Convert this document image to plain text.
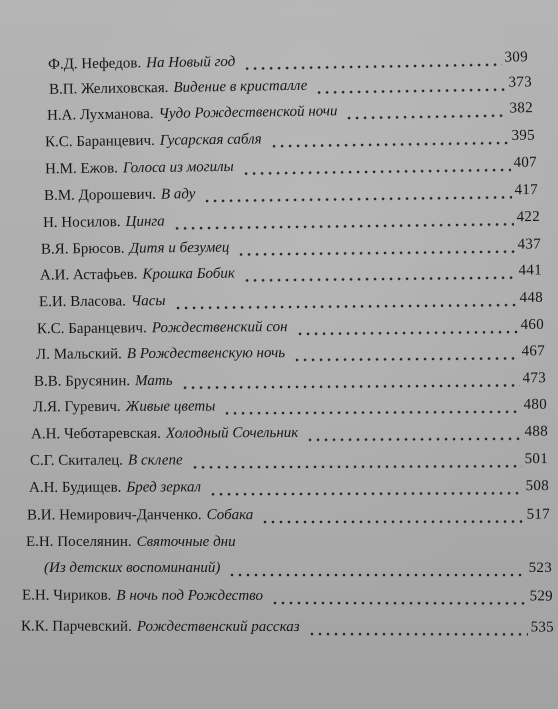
Ф.Д. Нефедов. На Новый год	309
В.П. Желиховская. Видение в кристалле	373
Н.А. Лухманова. Чудо Рождественской ночи	382
К.С. Баранцевич. Гусарская сабля	395
Н.М. Ежов. Голоса из могилы	407
В.М. Дорошевич. В аду	417
Н. Носилов. Цинга	422
В.Я. Брюсов. Дитя и безумец	437
А.И. Астафьев. Крошка Бобик	441
Е.И. Власова. Часы	448
К.С. Баранцевич. Рождественский сон	460
Л. Мальский. В Рождественскую ночь	467
В.В. Брусянин. Мать	473
Л.Я. Гуревич. Живые цветы	480
А.Н. Чеботаревская. Холодный Сочельник	488
С.Г. Скиталец. В склепе	501
А.Н. Будищев. Бред зеркал	508
В.И. Немирович-Данченко. Собака	517
Е.Н. Поселянин. Святочные дни
(Из детских воспоминаний)	523
Е.Н. Чириков. В ночь под Рождество	529
К.К. Парчевский. Рождественский рассказ	535
